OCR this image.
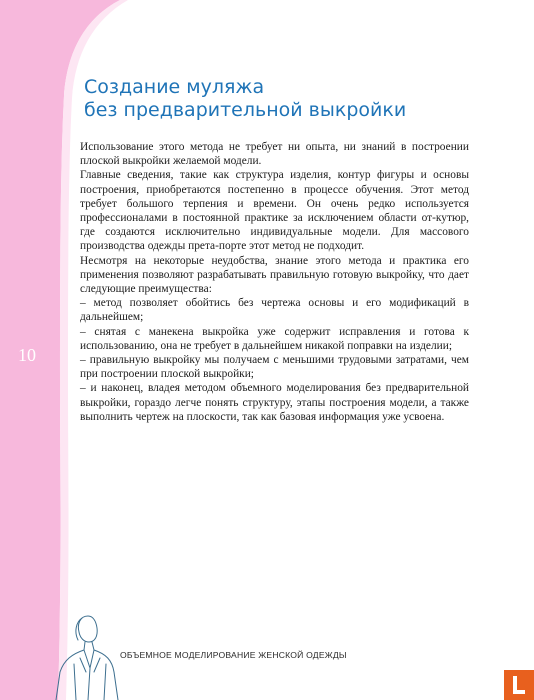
10
Создание муляжа
без предварительной выкройки

Использование этого метода не требует ни опыта, ни знаний в построении плоской выкройки желаемой модели.

Главные сведения, такие как структура изделия, контур фигуры и основы построения, приобретаются постепенно в процессе обучения. Этот метод требует большого терпения и времени. Он очень редко используется профессионалами в постоянной практике за исключением области от-кутюр, где создаются исключительно индивидуальные модели. Для массового производства одежды прета-порте этот метод не подходит.

Несмотря на некоторые неудобства, знание этого метода и практика его применения позволяют разрабатывать правильную готовую выкройку, что дает следующие преимущества:

– метод позволяет обойтись без чертежа основы и его модификаций в дальнейшем;

– снятая с манекена выкройка уже содержит исправления и готова к использованию, она не требует в дальнейшем никакой поправки на изделии;

– правильную выкройку мы получаем с меньшими трудовыми затратами, чем при построении плоской выкройки;

– и наконец, владея методом объемного моделирования без предварительной выкройки, гораздо легче понять структуру, этапы построения модели, а также выполнить чертеж на плоскости, так как базовая информация уже усвоена.

ОБЪЕМНОЕ МОДЕЛИРОВАНИЕ ЖЕНСКОЙ ОДЕЖДЫ
